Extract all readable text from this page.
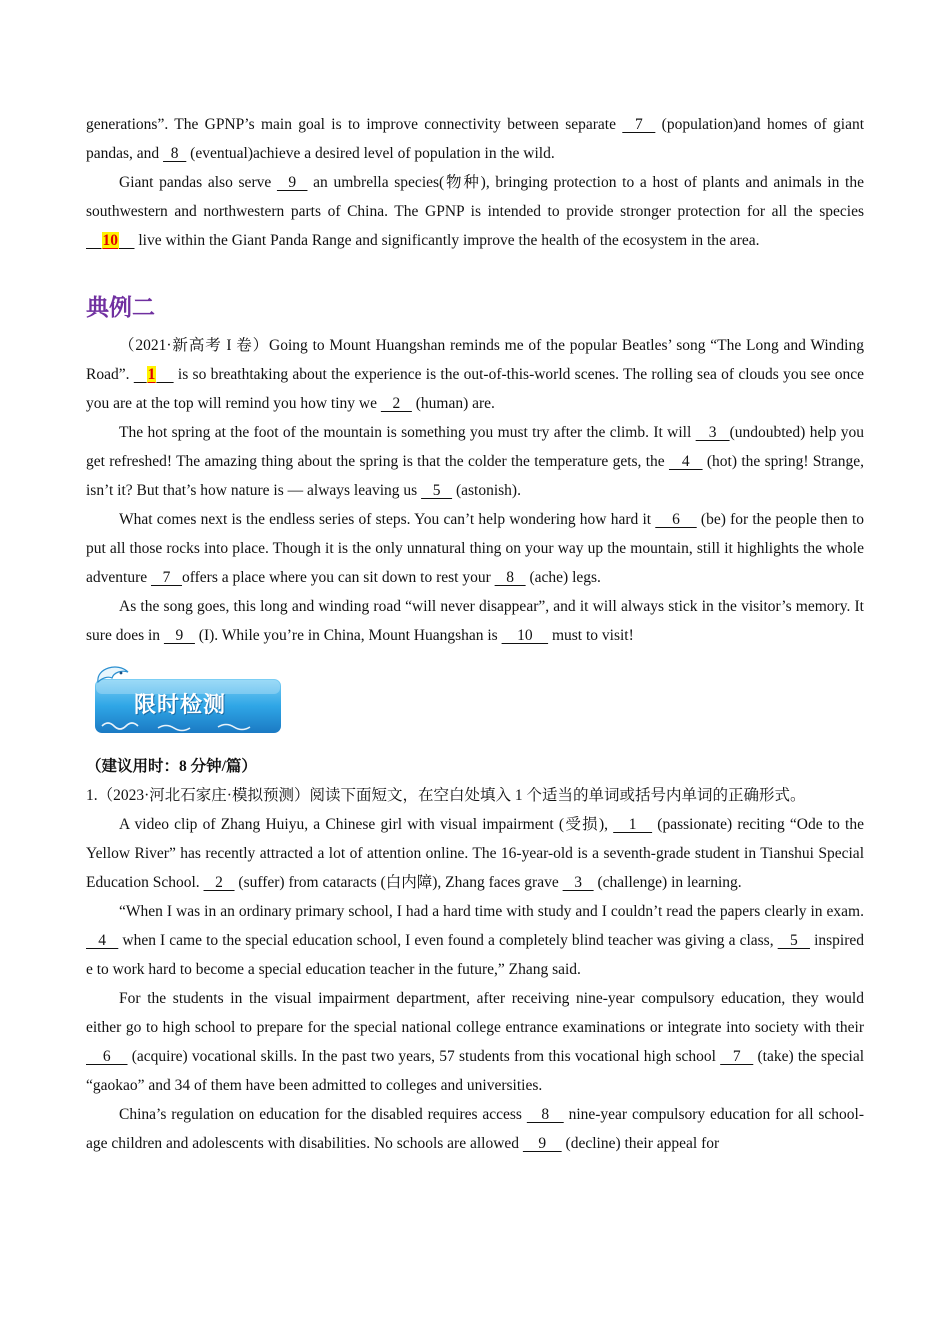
generations”. The GPNP’s main goal is to improve connectivity between separate   7   (population)and homes of giant pandas, and   8   (eventual)achieve a desired level of population in the wild.

Giant pandas also serve   9   an umbrella species(物种), bringing protection to a host of plants and animals in the southwestern and northwestern parts of China. The GPNP is intended to provide stronger protection for all the species     10     live within the Giant Panda Range and significantly improve the health of the ecosystem in the area.

典例二

（2021·新高考 I 卷）Going to Mount Huangshan reminds me of the popular Beatles’ song “The Long and Winding Road”.    1     is so breathtaking about the experience is the out-of-this-world scenes. The rolling sea of clouds you see once you are at the top will remind you how tiny we    2    (human) are.

The hot spring at the foot of the mountain is something you must try after the climb. It will    3   (undoubted) help you get refreshed! The amazing thing about the spring is that the colder the temperature gets, the    4    (hot) the spring! Strange, isn’t it? But that’s how nature is — always leaving us    5    (astonish).

What comes next is the endless series of steps. You can’t help wondering how hard it     6     (be) for the people then to put all those rocks into place. Though it is the only unnatural thing on your way up the mountain, still it highlights the whole adventure    7   offers a place where you can sit down to rest your    8    (ache) legs.

As the song goes, this long and winding road “will never disappear”, and it will always stick in the visitor’s memory. It sure does in    9    (I). While you’re in China, Mount Huangshan is     10     must to visit!

限时检测

（建议用时：8 分钟/篇）

1.（2023·河北石家庄·模拟预测）阅读下面短文，在空白处填入 1 个适当的单词或括号内单词的正确形式。

A video clip of Zhang Huiyu, a Chinese girl with visual impairment (受损),    1    (passionate) reciting “Ode to the Yellow River” has recently attracted a lot of attention online. The 16-year-old is a seventh-grade student in Tianshui Special Education School.    2    (suffer) from cataracts (白内障), Zhang faces grave    3    (challenge) in learning.

“When I was in an ordinary primary school, I had a hard time with study and I couldn’t read the papers clearly in exam.    4    when I came to the special education school, I even found a completely blind teacher was giving a class,    5    inspired e to work hard to become a special education teacher in the future,” Zhang said.

For the students in the visual impairment department, after receiving nine-year compulsory education, they would either go to high school to prepare for the special national college entrance examinations or integrate into society with their     6     (acquire) vocational skills. In the past two years, 57 students from this vocational high school    7    (take) the special “gaokao” and 34 of them have been admitted to colleges and universities.

China’s regulation on education for the disabled requires access    8    nine-year compulsory education for all school-age children and adolescents with disabilities. No schools are allowed     9     (decline) their appeal for
